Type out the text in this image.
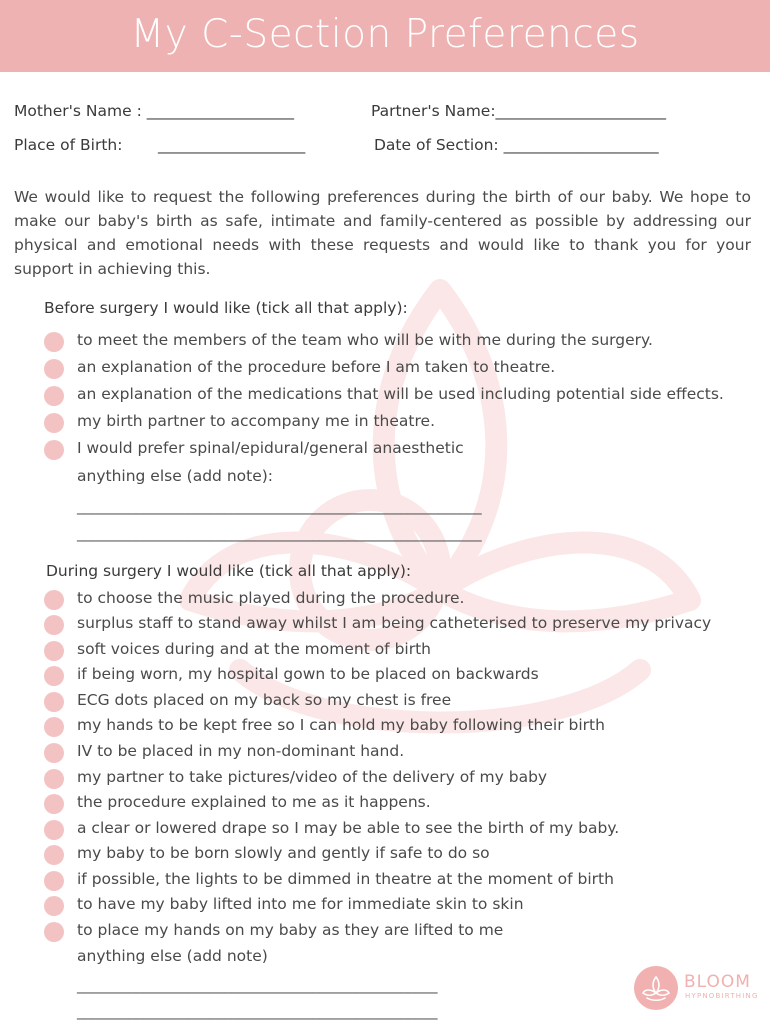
My C-Section Preferences
Mother's Name : ___________________	Partner's Name:______________________
Place of Birth: ___________________	Date of Section: ____________________
We would like to request the following preferences during the birth of our baby. We hope to make our baby's birth as safe, intimate and family-centered as possible by addressing our physical and emotional needs with these requests and would like to thank you for your support in achieving this.
Before surgery I would like (tick all that apply):
to meet the members of the team who will be with me during the surgery.
an explanation of the procedure before I am taken to theatre.
an explanation of the medications that will be used including potential side effects.
my birth partner to accompany me in theatre.
I would prefer spinal/epidural/general anaesthetic
anything else (add note):
_______________________________________________________
_______________________________________________________
During surgery I would like (tick all that apply):
to choose the music played during the procedure.
surplus staff to stand away whilst I am being catheterised to preserve my privacy
soft voices during and at the moment of birth
if being worn, my hospital gown to be placed on backwards
ECG dots placed on my back so my chest is free
my hands to be kept free so I can hold my baby following their birth
IV to be placed in my non-dominant hand.
my partner to take pictures/video of the delivery of my baby
the procedure explained to me as it happens.
a clear or lowered drape so I may be able to see the birth of my baby.
my baby to be born slowly and gently if safe to do so
if possible, the lights to be dimmed in theatre at the moment of birth
to have my baby lifted into me for immediate skin to skin
to place my hands on my baby as they are lifted to me
anything else (add note)
_________________________________________________
_________________________________________________
BLOOM
HYPNOBIRTHING
